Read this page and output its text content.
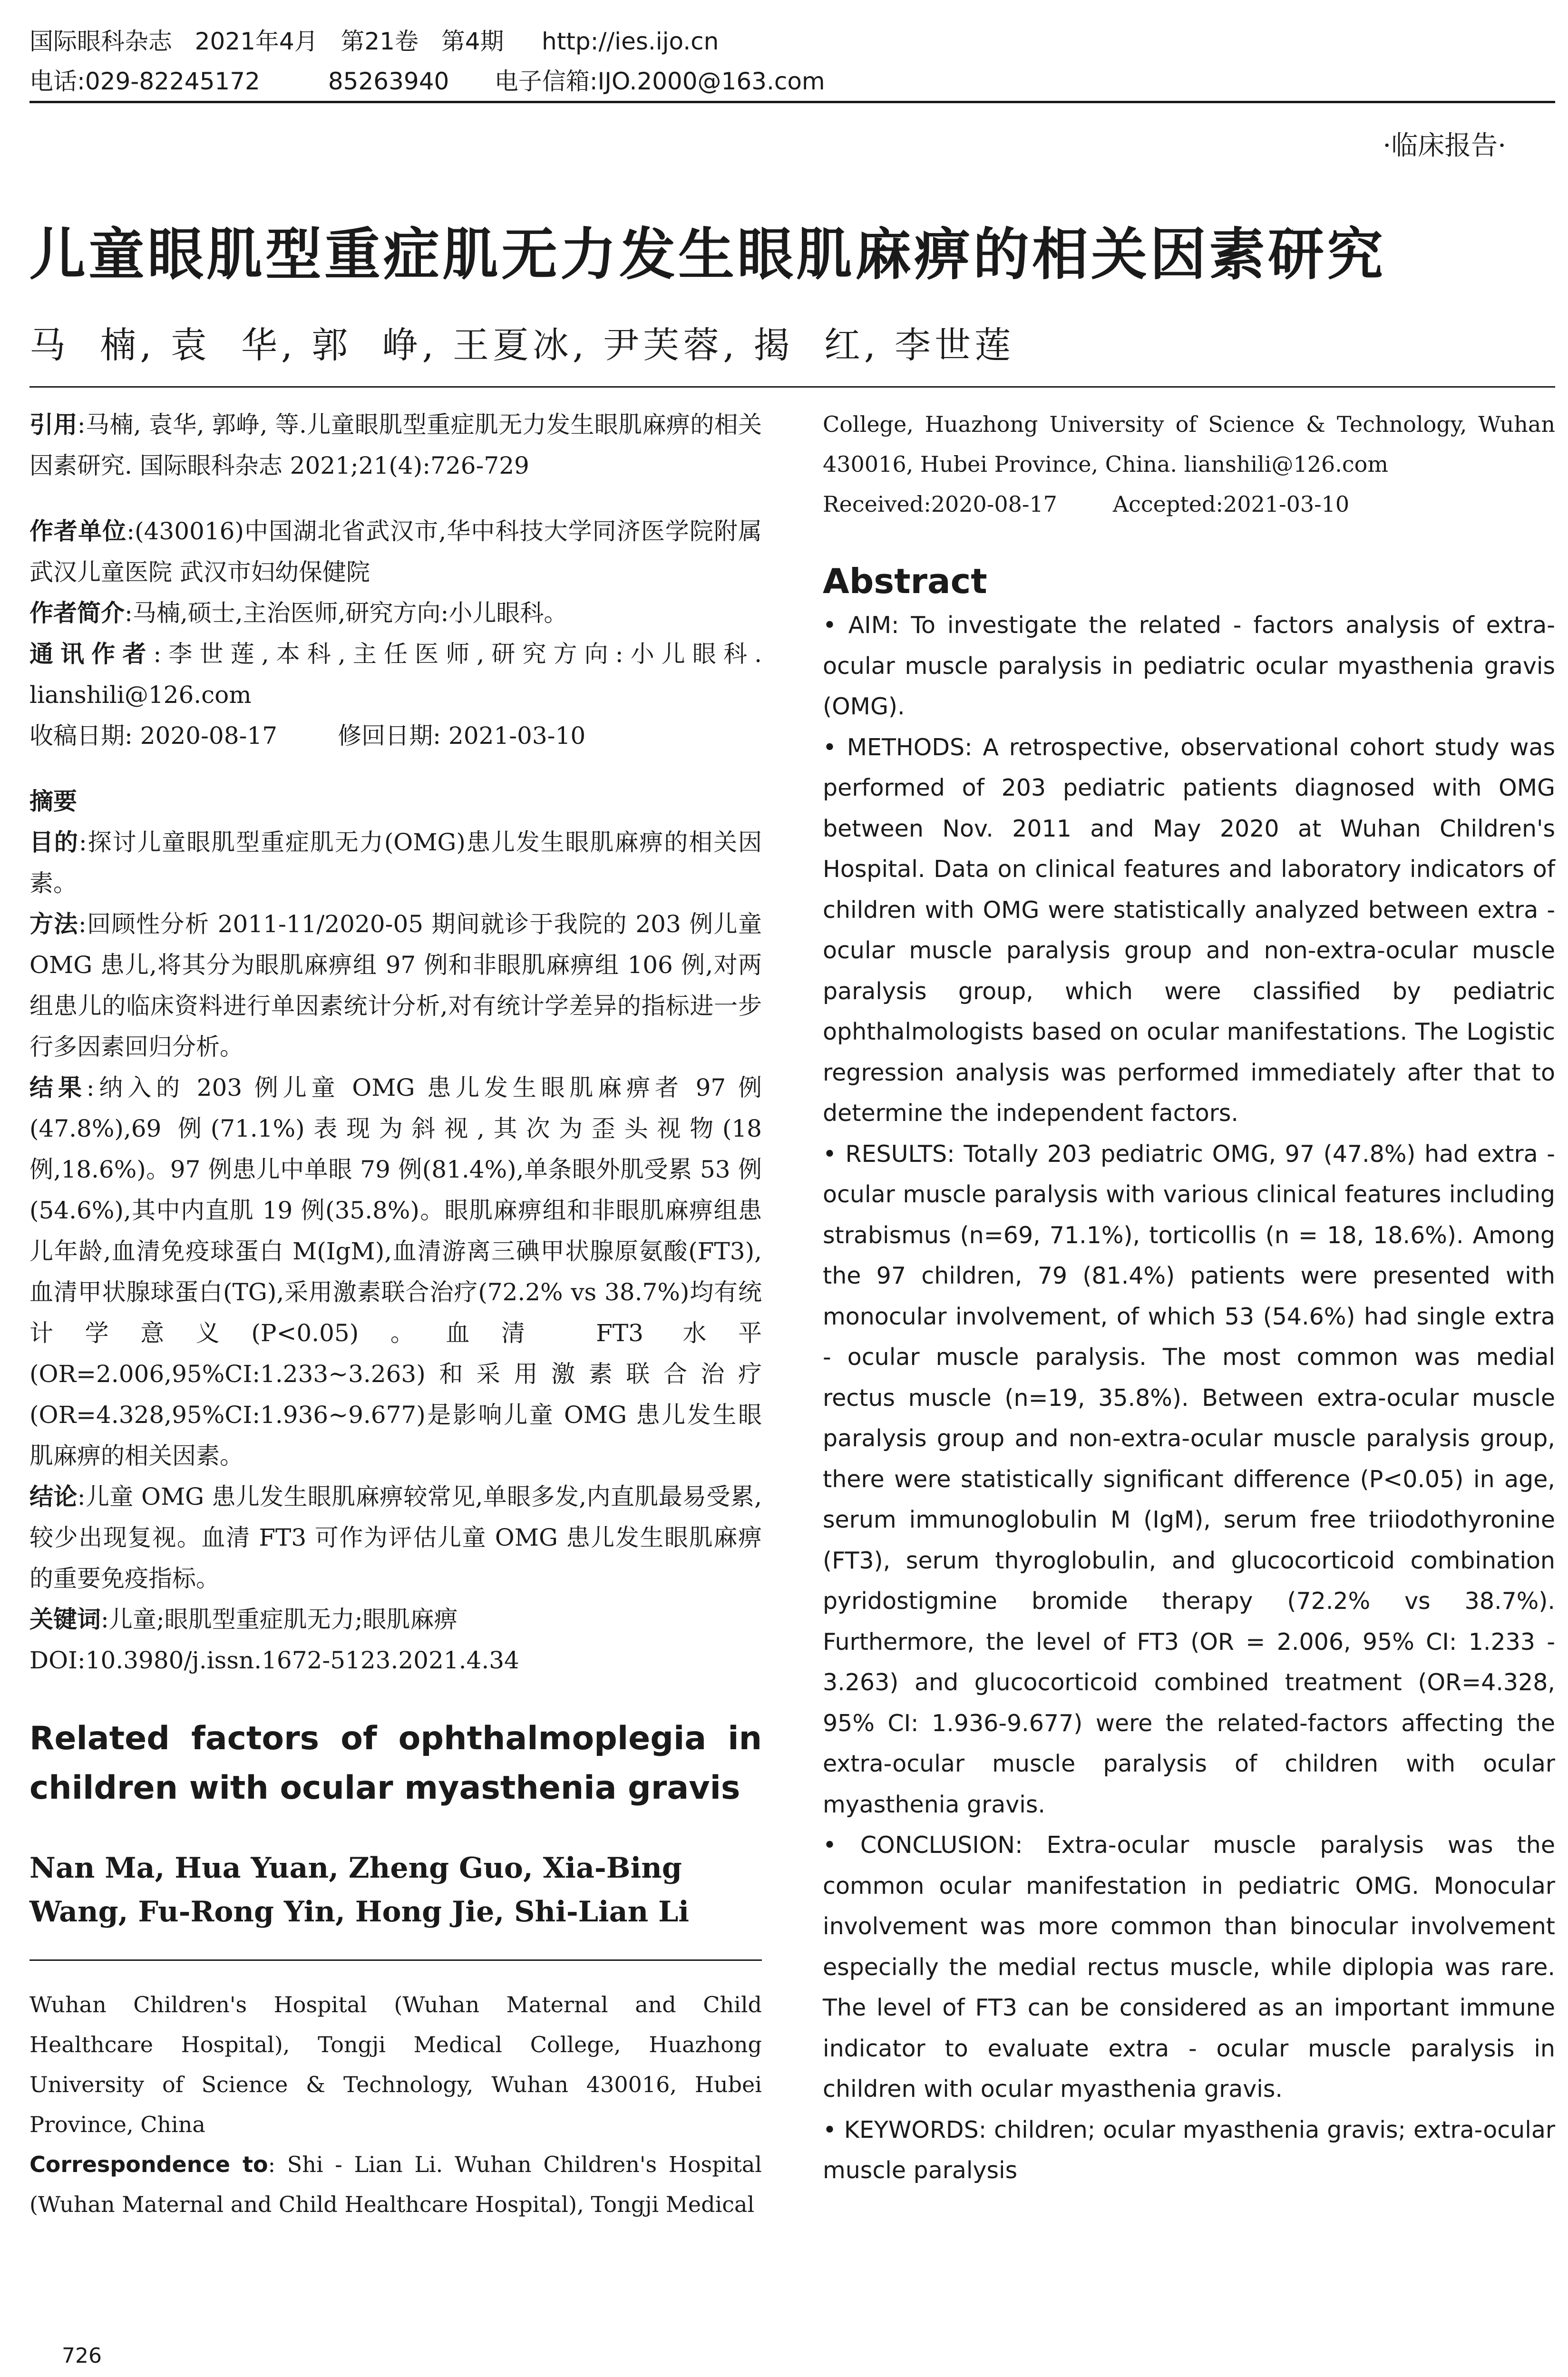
国际眼科杂志   2021年4月   第21卷   第4期     http://ies.ijo.cn
电话:029-82245172         85263940      电子信箱:IJO.2000@163.com
·临床报告·
儿童眼肌型重症肌无力发生眼肌麻痹的相关因素研究
马  楠, 袁  华, 郭  峥, 王夏冰, 尹芙蓉, 揭  红, 李世莲

引用:马楠, 袁华, 郭峥, 等.儿童眼肌型重症肌无力发生眼肌麻痹的相关因素研究. 国际眼科杂志 2021;21(4):726-729

作者单位:(430016)中国湖北省武汉市,华中科技大学同济医学院附属武汉儿童医院 武汉市妇幼保健院

作者简介:马楠,硕士,主治医师,研究方向:小儿眼科。

通讯作者:李世莲,本科,主任医师,研究方向:小儿眼科. lianshili@126.com

收稿日期: 2020-08-17        修回日期: 2021-03-10

摘要

目的:探讨儿童眼肌型重症肌无力(OMG)患儿发生眼肌麻痹的相关因素。

方法:回顾性分析 2011-11/2020-05 期间就诊于我院的 203 例儿童 OMG 患儿,将其分为眼肌麻痹组 97 例和非眼肌麻痹组 106 例,对两组患儿的临床资料进行单因素统计分析,对有统计学差异的指标进一步行多因素回归分析。

结果:纳入的 203 例儿童 OMG 患儿发生眼肌麻痹者 97 例(47.8%),69 例(71.1%)表现为斜视,其次为歪头视物(18 例,18.6%)。97 例患儿中单眼 79 例(81.4%),单条眼外肌受累 53 例(54.6%),其中内直肌 19 例(35.8%)。眼肌麻痹组和非眼肌麻痹组患儿年龄,血清免疫球蛋白 M(IgM),血清游离三碘甲状腺原氨酸(FT3),血清甲状腺球蛋白(TG),采用激素联合治疗(72.2% vs 38.7%)均有统计学意义(P<0.05)。血清 FT3 水平(OR=2.006,95%CI:1.233~3.263)和采用激素联合治疗(OR=4.328,95%CI:1.936~9.677)是影响儿童 OMG 患儿发生眼肌麻痹的相关因素。

结论:儿童 OMG 患儿发生眼肌麻痹较常见,单眼多发,内直肌最易受累,较少出现复视。血清 FT3 可作为评估儿童 OMG 患儿发生眼肌麻痹的重要免疫指标。

关键词:儿童;眼肌型重症肌无力;眼肌麻痹

DOI:10.3980/j.issn.1672-5123.2021.4.34

Related factors of ophthalmoplegia in children with ocular myasthenia gravis

Nan Ma, Hua Yuan, Zheng Guo, Xia-Bing Wang, Fu-Rong Yin, Hong Jie, Shi-Lian Li

Wuhan Children's Hospital (Wuhan Maternal and Child Healthcare Hospital), Tongji Medical College, Huazhong University of Science & Technology, Wuhan 430016, Hubei Province, China

Correspondence to: Shi - Lian Li. Wuhan Children's Hospital (Wuhan Maternal and Child Healthcare Hospital), Tongji Medical

College, Huazhong University of Science & Technology, Wuhan 430016, Hubei Province, China. lianshili@126.com

Received:2020-08-17        Accepted:2021-03-10

Abstract

• AIM: To investigate the related - factors analysis of extra-ocular muscle paralysis in pediatric ocular myasthenia gravis (OMG).

• METHODS: A retrospective, observational cohort study was performed of 203 pediatric patients diagnosed with OMG between Nov. 2011 and May 2020 at Wuhan Children's Hospital. Data on clinical features and laboratory indicators of children with OMG were statistically analyzed between extra - ocular muscle paralysis group and non-extra-ocular muscle paralysis group, which were classified by pediatric ophthalmologists based on ocular manifestations. The Logistic regression analysis was performed immediately after that to determine the independent factors.

• RESULTS: Totally 203 pediatric OMG, 97 (47.8%) had extra - ocular muscle paralysis with various clinical features including strabismus (n=69, 71.1%), torticollis (n = 18, 18.6%). Among the 97 children, 79 (81.4%) patients were presented with monocular involvement, of which 53 (54.6%) had single extra - ocular muscle paralysis. The most common was medial rectus muscle (n=19, 35.8%). Between extra-ocular muscle paralysis group and non-extra-ocular muscle paralysis group, there were statistically significant difference (P<0.05) in age, serum immunoglobulin M (IgM), serum free triiodothyronine (FT3), serum thyroglobulin, and glucocorticoid combination pyridostigmine bromide therapy (72.2% vs 38.7%). Furthermore, the level of FT3 (OR = 2.006, 95% CI: 1.233 - 3.263) and glucocorticoid combined treatment (OR=4.328, 95% CI: 1.936-9.677) were the related-factors affecting the extra-ocular muscle paralysis of children with ocular myasthenia gravis.

• CONCLUSION: Extra-ocular muscle paralysis was the common ocular manifestation in pediatric OMG. Monocular involvement was more common than binocular involvement especially the medial rectus muscle, while diplopia was rare. The level of FT3 can be considered as an important immune indicator to evaluate extra - ocular muscle paralysis in children with ocular myasthenia gravis.

• KEYWORDS: children; ocular myasthenia gravis; extra-ocular muscle paralysis

726
